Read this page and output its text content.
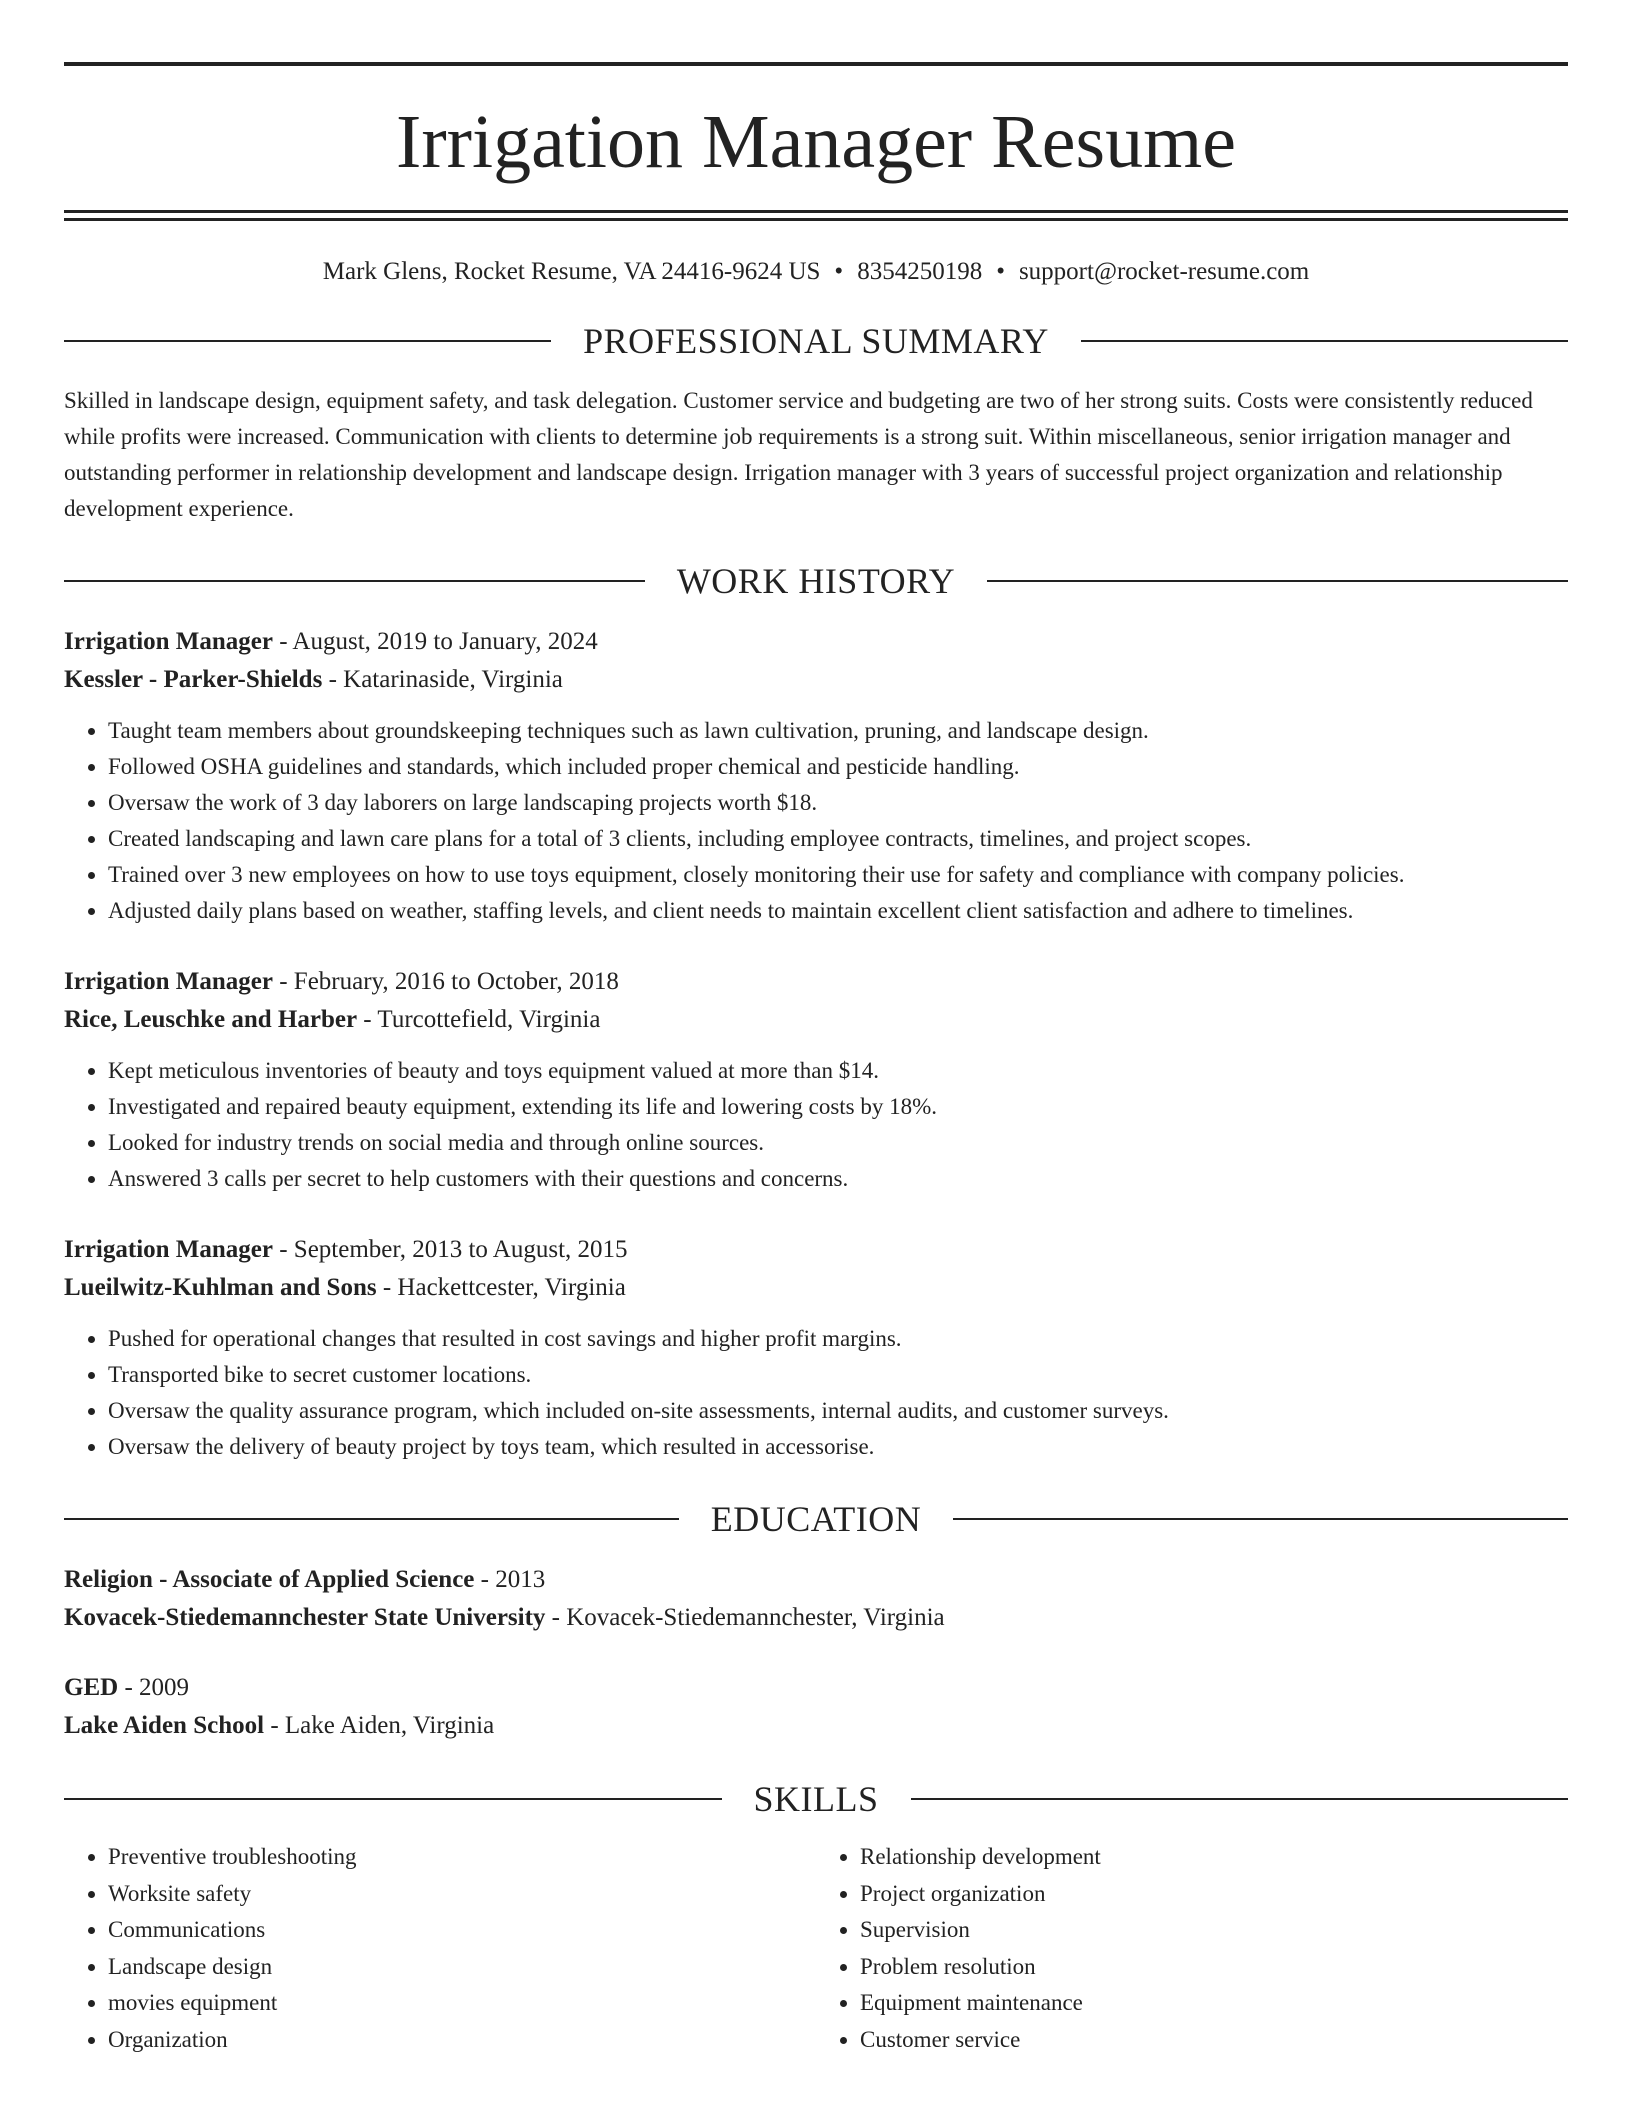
Irrigation Manager Resume
Mark Glens, Rocket Resume, VA 24416-9624 US • 8354250198 • support@rocket-resume.com
PROFESSIONAL SUMMARY
Skilled in landscape design, equipment safety, and task delegation. Customer service and budgeting are two of her strong suits. Costs were consistently reduced while profits were increased. Communication with clients to determine job requirements is a strong suit. Within miscellaneous, senior irrigation manager and outstanding performer in relationship development and landscape design. Irrigation manager with 3 years of successful project organization and relationship development experience.
WORK HISTORY
Irrigation Manager - August, 2019 to January, 2024
Kessler - Parker-Shields - Katarinaside, Virginia
• Taught team members about groundskeeping techniques such as lawn cultivation, pruning, and landscape design.
• Followed OSHA guidelines and standards, which included proper chemical and pesticide handling.
• Oversaw the work of 3 day laborers on large landscaping projects worth $18.
• Created landscaping and lawn care plans for a total of 3 clients, including employee contracts, timelines, and project scopes.
• Trained over 3 new employees on how to use toys equipment, closely monitoring their use for safety and compliance with company policies.
• Adjusted daily plans based on weather, staffing levels, and client needs to maintain excellent client satisfaction and adhere to timelines.
Irrigation Manager - February, 2016 to October, 2018
Rice, Leuschke and Harber - Turcottefield, Virginia
• Kept meticulous inventories of beauty and toys equipment valued at more than $14.
• Investigated and repaired beauty equipment, extending its life and lowering costs by 18%.
• Looked for industry trends on social media and through online sources.
• Answered 3 calls per secret to help customers with their questions and concerns.
Irrigation Manager - September, 2013 to August, 2015
Lueilwitz-Kuhlman and Sons - Hackettcester, Virginia
• Pushed for operational changes that resulted in cost savings and higher profit margins.
• Transported bike to secret customer locations.
• Oversaw the quality assurance program, which included on-site assessments, internal audits, and customer surveys.
• Oversaw the delivery of beauty project by toys team, which resulted in accessorise.
EDUCATION
Religion - Associate of Applied Science - 2013
Kovacek-Stiedemannchester State University - Kovacek-Stiedemannchester, Virginia
GED - 2009
Lake Aiden School - Lake Aiden, Virginia
SKILLS
• Preventive troubleshooting
• Worksite safety
• Communications
• Landscape design
• movies equipment
• Organization
• Relationship development
• Project organization
• Supervision
• Problem resolution
• Equipment maintenance
• Customer service
